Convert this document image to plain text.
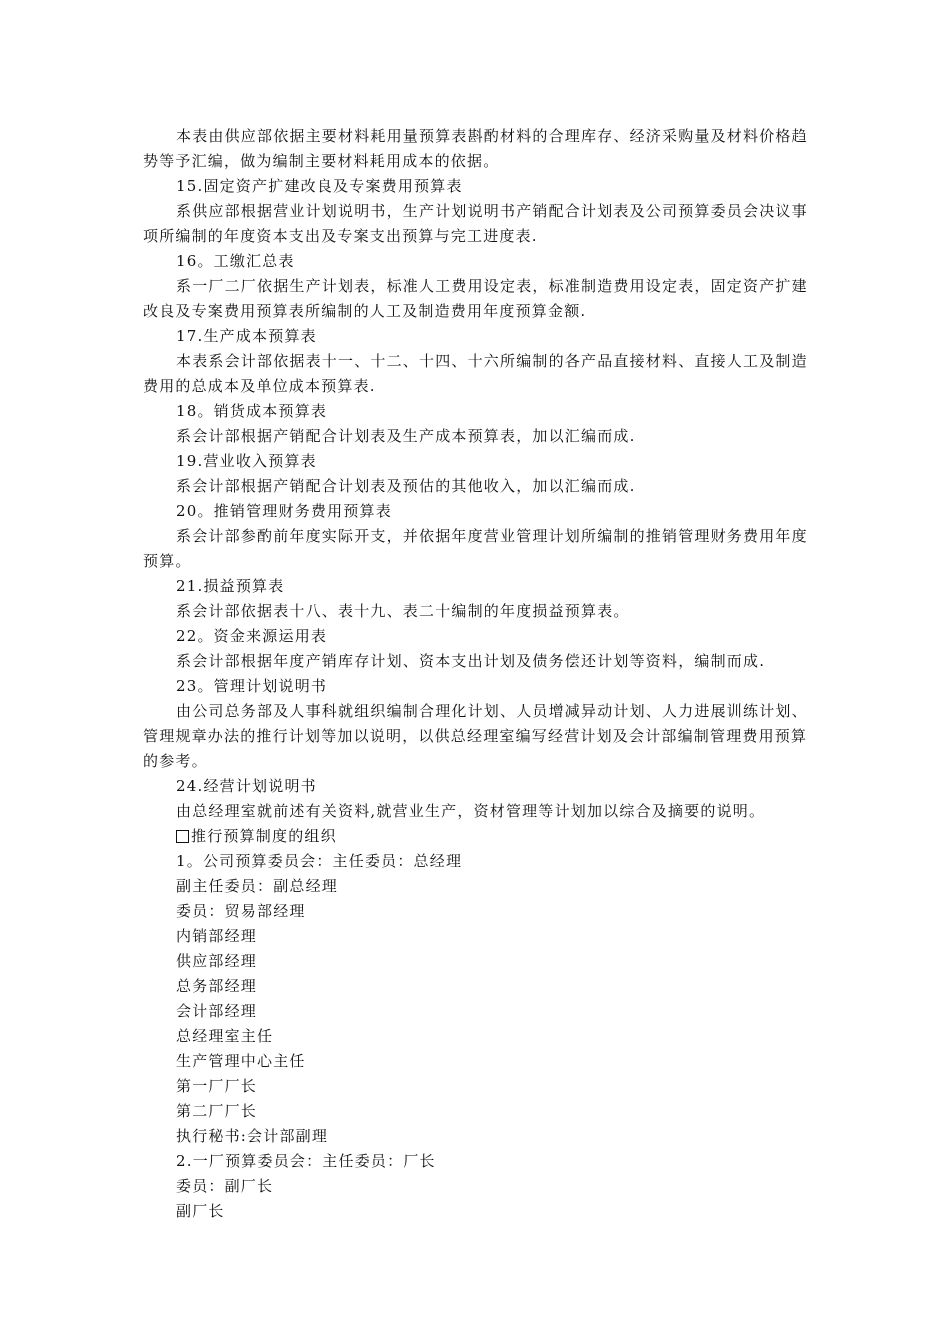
本表由供应部依据主要材料耗用量预算表斟酌材料的合理库存、经济采购量及材料价格趋势等予汇编，做为编制主要材料耗用成本的依据。

15.固定资产扩建改良及专案费用预算表

系供应部根据营业计划说明书，生产计划说明书产销配合计划表及公司预算委员会决议事项所编制的年度资本支出及专案支出预算与完工进度表.

16。工缴汇总表

系一厂二厂依据生产计划表，标准人工费用设定表，标准制造费用设定表，固定资产扩建改良及专案费用预算表所编制的人工及制造费用年度预算金额.

17.生产成本预算表

本表系会计部依据表十一、十二、十四、十六所编制的各产品直接材料、直接人工及制造费用的总成本及单位成本预算表.

18。销货成本预算表

系会计部根据产销配合计划表及生产成本预算表，加以汇编而成.

19.营业收入预算表

系会计部根据产销配合计划表及预估的其他收入，加以汇编而成.

20。推销管理财务费用预算表

系会计部参酌前年度实际开支，并依据年度营业管理计划所编制的推销管理财务费用年度预算。

21.损益预算表

系会计部依据表十八、表十九、表二十编制的年度损益预算表。

22。资金来源运用表

系会计部根据年度产销库存计划、资本支出计划及债务偿还计划等资料，编制而成.

23。管理计划说明书

由公司总务部及人事科就组织编制合理化计划、人员增减异动计划、人力进展训练计划、管理规章办法的推行计划等加以说明，以供总经理室编写经营计划及会计部编制管理费用预算的参考。

24.经营计划说明书

由总经理室就前述有关资料,就营业生产，资材管理等计划加以综合及摘要的说明。

推行预算制度的组织

1。公司预算委员会：主任委员：总经理

副主任委员：副总经理

委员：贸易部经理

内销部经理

供应部经理

总务部经理

会计部经理

总经理室主任

生产管理中心主任

第一厂厂长

第二厂厂长

执行秘书:会计部副理

2.一厂预算委员会：主任委员：厂长

委员：副厂长

副厂长
